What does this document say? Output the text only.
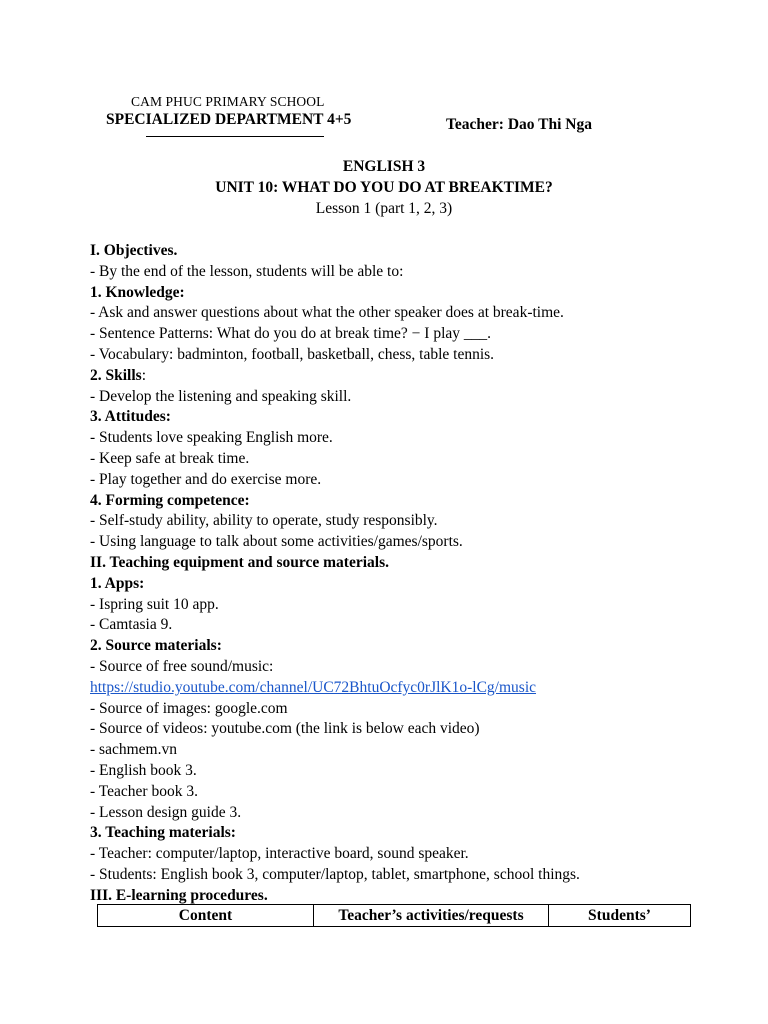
CAM PHUC PRIMARY SCHOOL
SPECIALIZED DEPARTMENT 4+5	Teacher: Dao Thi Nga
ENGLISH 3
UNIT 10: WHAT DO YOU DO AT BREAKTIME?
Lesson 1 (part 1, 2, 3)
I. Objectives.
- By the end of the lesson, students will be able to:
1. Knowledge:
- Ask and answer questions about what the other speaker does at break-time.
- Sentence Patterns: What do you do at break time? − I play ___.
- Vocabulary: badminton, football, basketball, chess, table tennis.
2. Skills:
- Develop the listening and speaking skill.
3. Attitudes:
- Students love speaking English more.
- Keep safe at break time.
- Play together and do exercise more.
4. Forming competence:
- Self-study ability, ability to operate, study responsibly.
- Using language to talk about some activities/games/sports.
II. Teaching equipment and source materials.
1. Apps:
- Ispring suit 10 app.
- Camtasia 9.
2. Source materials:
- Source of free sound/music:
https://studio.youtube.com/channel/UC72BhtuOcfyc0rJlK1o-lCg/music
- Source of images: google.com
- Source of videos: youtube.com (the link is below each video)
- sachmem.vn
- English book 3.
- Teacher book 3.
- Lesson design guide 3.
3. Teaching materials:
- Teacher: computer/laptop, interactive board, sound speaker.
- Students: English book 3, computer/laptop, tablet, smartphone, school things.
III. E-learning procedures.
Content	Teacher’s activities/requests	Students’
